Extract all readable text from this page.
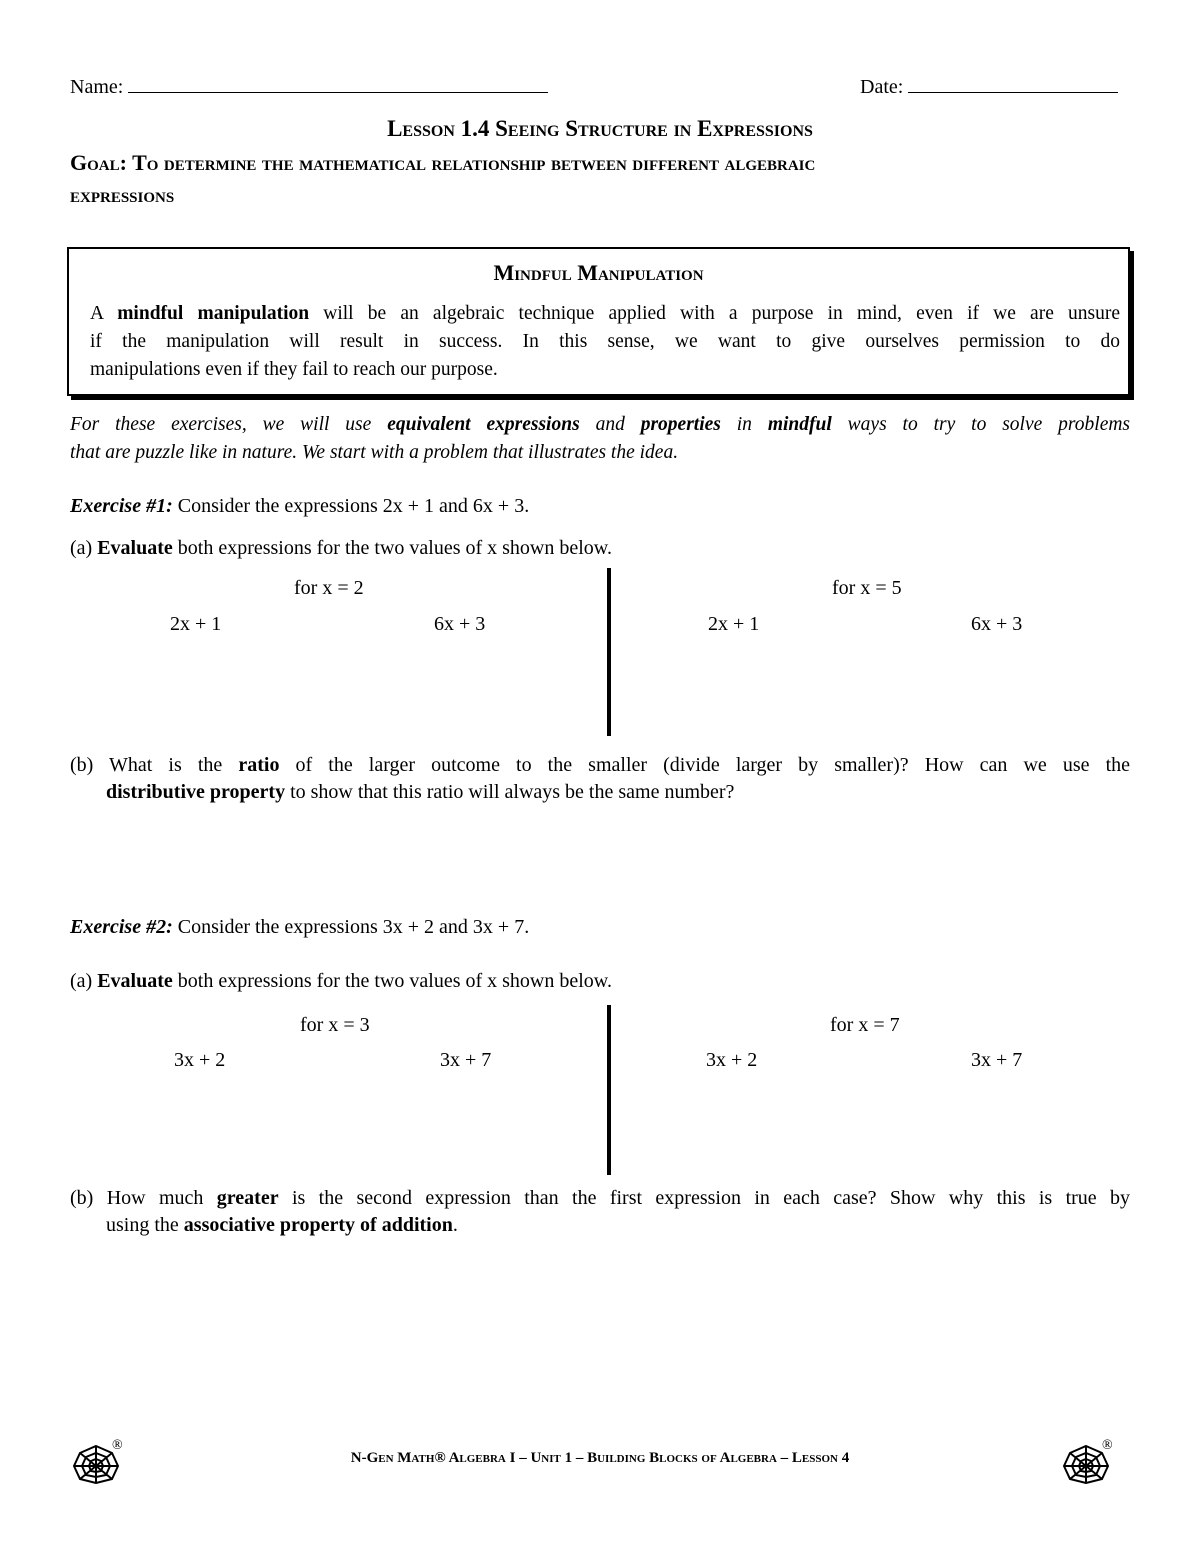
Name:	Date:
Lesson 1.4 Seeing Structure in Expressions
Goal: To determine the mathematical relationship between different algebraic
expressions
Mindful Manipulation
A mindful manipulation will be an algebraic technique applied with a purpose in mind, even if we are unsure
if the manipulation will result in success. In this sense, we want to give ourselves permission to do
manipulations even if they fail to reach our purpose.
For these exercises, we will use equivalent expressions and properties in mindful ways to try to solve problems
that are puzzle like in nature. We start with a problem that illustrates the idea.
Exercise #1: Consider the expressions 2x + 1 and 6x + 3.
(a) Evaluate both expressions for the two values of x shown below.
for x = 2	for x = 5
2x + 1	6x + 3	2x + 1	6x + 3
(b) What is the ratio of the larger outcome to the smaller (divide larger by smaller)? How can we use the
distributive property to show that this ratio will always be the same number?
Exercise #2: Consider the expressions 3x + 2 and 3x + 7.
(a) Evaluate both expressions for the two values of x shown below.
for x = 3	for x = 7
3x + 2	3x + 7	3x + 2	3x + 7
(b) How much greater is the second expression than the first expression in each case? Show why this is true by
using the associative property of addition.
®
N-Gen Math® Algebra I – Unit 1 – Building Blocks of Algebra – Lesson 4
®
